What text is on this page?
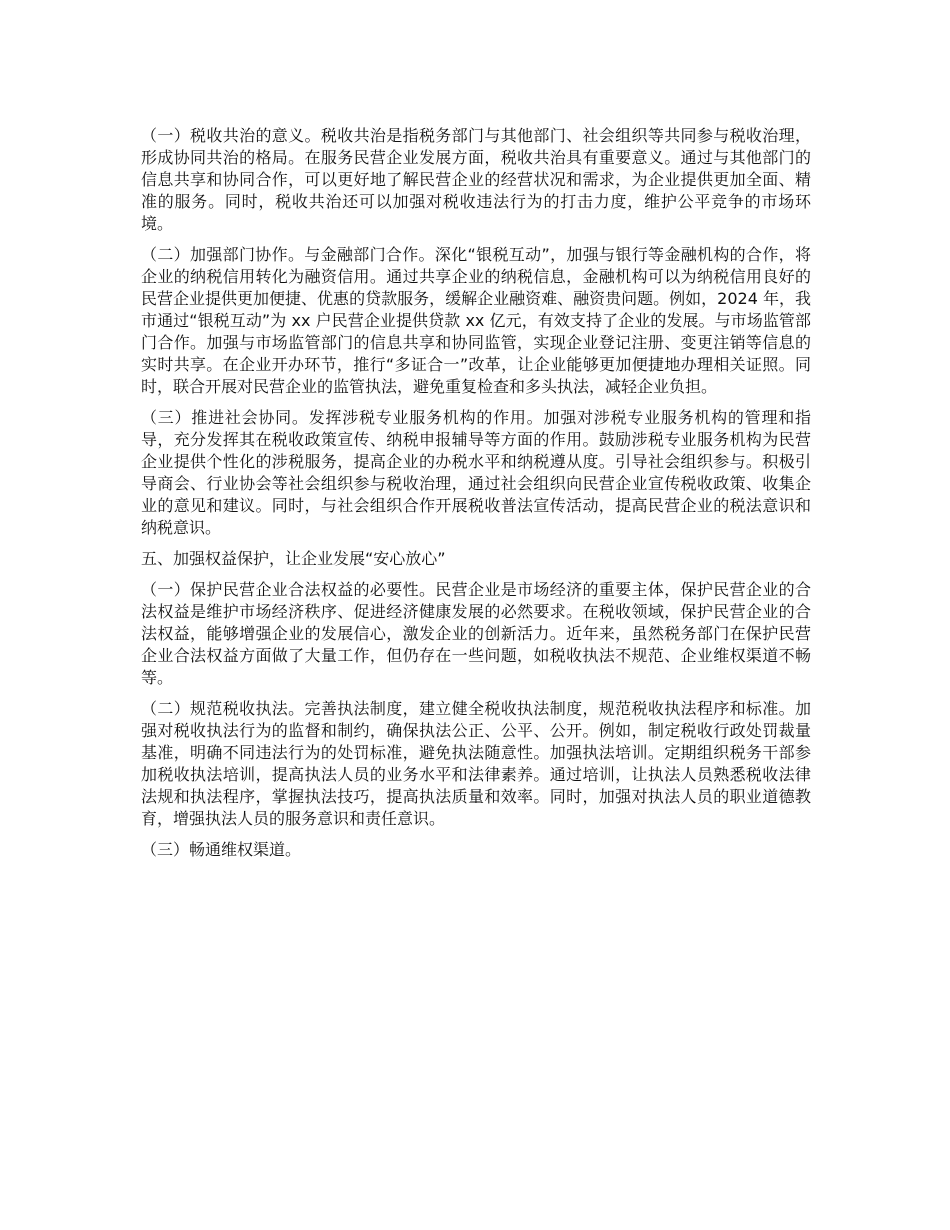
（一）税收共治的意义。税收共治是指税务部门与其他部门、社会组织等共同参与税收治理，形成协同共治的格局。在服务民营企业发展方面，税收共治具有重要意义。通过与其他部门的信息共享和协同合作，可以更好地了解民营企业的经营状况和需求，为企业提供更加全面、精准的服务。同时，税收共治还可以加强对税收违法行为的打击力度，维护公平竞争的市场环境。

（二）加强部门协作。与金融部门合作。深化“银税互动”，加强与银行等金融机构的合作，将企业的纳税信用转化为融资信用。通过共享企业的纳税信息，金融机构可以为纳税信用良好的民营企业提供更加便捷、优惠的贷款服务，缓解企业融资难、融资贵问题。例如，2024 年，我市通过“银税互动”为 xx 户民营企业提供贷款 xx 亿元，有效支持了企业的发展。与市场监管部门合作。加强与市场监管部门的信息共享和协同监管，实现企业登记注册、变更注销等信息的实时共享。在企业开办环节，推行“多证合一”改革，让企业能够更加便捷地办理相关证照。同时，联合开展对民营企业的监管执法，避免重复检查和多头执法，减轻企业负担。

（三）推进社会协同。发挥涉税专业服务机构的作用。加强对涉税专业服务机构的管理和指导，充分发挥其在税收政策宣传、纳税申报辅导等方面的作用。鼓励涉税专业服务机构为民营企业提供个性化的涉税服务，提高企业的办税水平和纳税遵从度。引导社会组织参与。积极引导商会、行业协会等社会组织参与税收治理，通过社会组织向民营企业宣传税收政策、收集企业的意见和建议。同时，与社会组织合作开展税收普法宣传活动，提高民营企业的税法意识和纳税意识。

五、加强权益保护，让企业发展“安心放心”

（一）保护民营企业合法权益的必要性。民营企业是市场经济的重要主体，保护民营企业的合法权益是维护市场经济秩序、促进经济健康发展的必然要求。在税收领域，保护民营企业的合法权益，能够增强企业的发展信心，激发企业的创新活力。近年来，虽然税务部门在保护民营企业合法权益方面做了大量工作，但仍存在一些问题，如税收执法不规范、企业维权渠道不畅等。

（二）规范税收执法。完善执法制度，建立健全税收执法制度，规范税收执法程序和标准。加强对税收执法行为的监督和制约，确保执法公正、公平、公开。例如，制定税收行政处罚裁量基准，明确不同违法行为的处罚标准，避免执法随意性。加强执法培训。定期组织税务干部参加税收执法培训，提高执法人员的业务水平和法律素养。通过培训，让执法人员熟悉税收法律法规和执法程序，掌握执法技巧，提高执法质量和效率。同时，加强对执法人员的职业道德教育，增强执法人员的服务意识和责任意识。

（三）畅通维权渠道。
